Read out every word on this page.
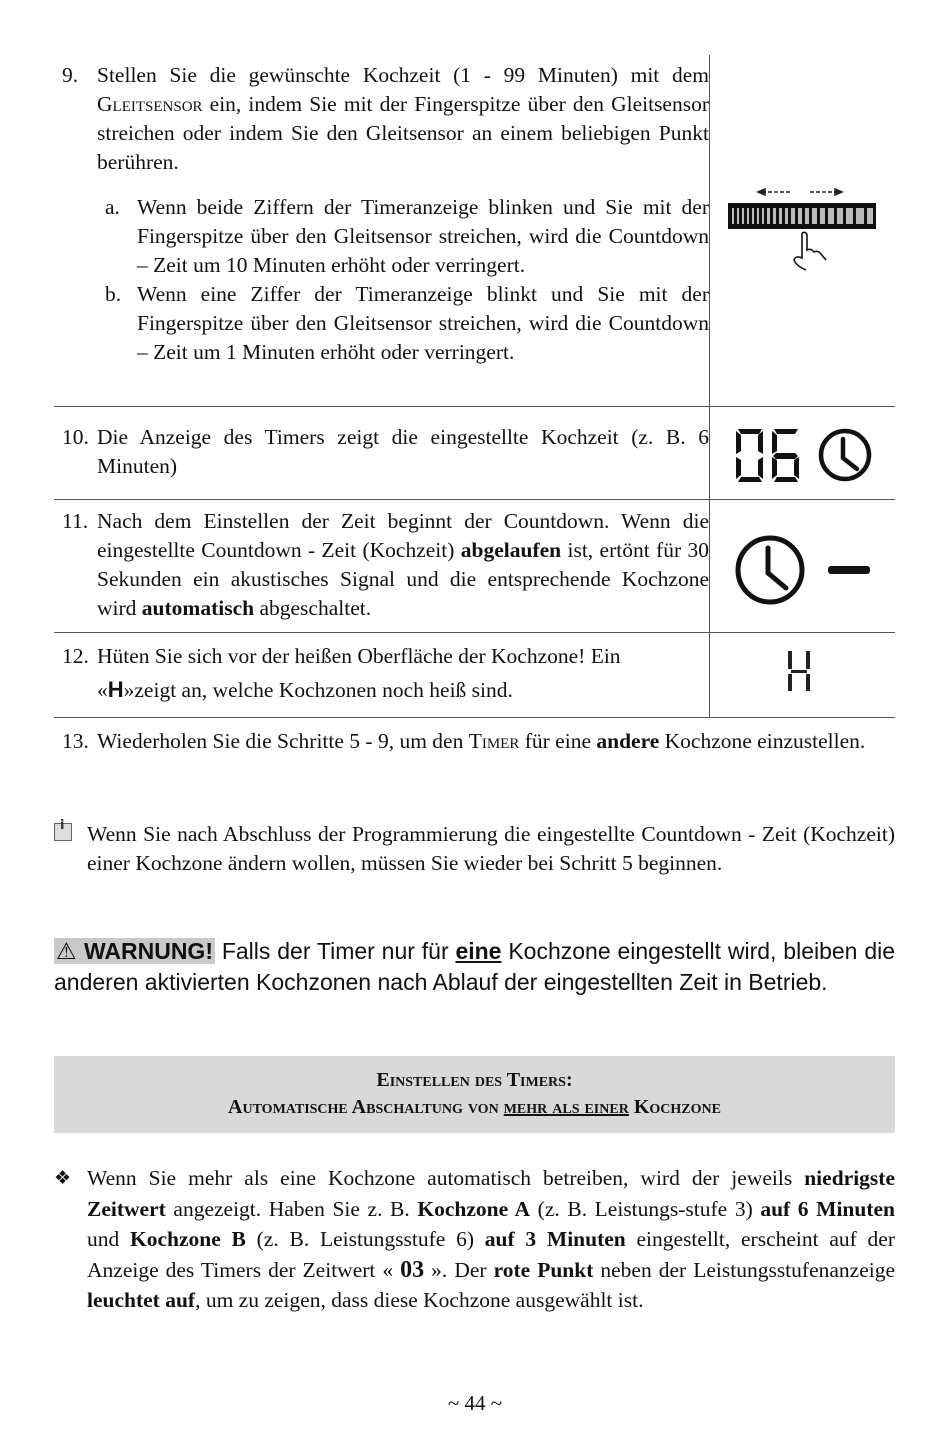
9. Stellen Sie die gewünschte Kochzeit (1 - 99 Minuten) mit dem Gleitsensor ein, indem Sie mit der Fingerspitze über den Gleitsensor streichen oder indem Sie den Gleitsensor an einem beliebigen Punkt berühren.
a. Wenn beide Ziffern der Timeranzeige blinken und Sie mit der Fingerspitze über den Gleitsensor streichen, wird die Countdown – Zeit um 10 Minuten erhöht oder verringert.
b. Wenn eine Ziffer der Timeranzeige blinkt und Sie mit der Fingerspitze über den Gleitsensor streichen, wird die Countdown – Zeit um 1 Minuten erhöht oder verringert.
10. Die Anzeige des Timers zeigt die eingestellte Kochzeit (z. B. 6 Minuten)
11. Nach dem Einstellen der Zeit beginnt der Countdown. Wenn die eingestellte Countdown - Zeit (Kochzeit) abgelaufen ist, ertönt für 30 Sekunden ein akustisches Signal und die entsprechende Kochzone wird automatisch abgeschaltet.
12. Hüten Sie sich vor der heißen Oberfläche der Kochzone! Ein
«H»zeigt an, welche Kochzonen noch heiß sind.
13. Wiederholen Sie die Schritte 5 - 9, um den Timer für eine andere Kochzone einzustellen.
i
Wenn Sie nach Abschluss der Programmierung die eingestellte Countdown - Zeit (Kochzeit) einer Kochzone ändern wollen, müssen Sie wieder bei Schritt 5 beginnen.
⚠ WARNUNG! Falls der Timer nur für eine Kochzone eingestellt wird, bleiben die anderen aktivierten Kochzonen nach Ablauf der eingestellten Zeit in Betrieb.
Einstellen des Timers:
Automatische Abschaltung von mehr als einer Kochzone
❖ Wenn Sie mehr als eine Kochzone automatisch betreiben, wird der jeweils niedrigste Zeitwert angezeigt. Haben Sie z. B. Kochzone A (z. B. Leistungs-stufe 3) auf 6 Minuten und Kochzone B (z. B. Leistungsstufe 6) auf 3 Minuten eingestellt, erscheint auf der Anzeige des Timers der Zeitwert « 03 ». Der rote Punkt neben der Leistungsstufenanzeige leuchtet auf, um zu zeigen, dass diese Kochzone ausgewählt ist.
~ 44 ~
